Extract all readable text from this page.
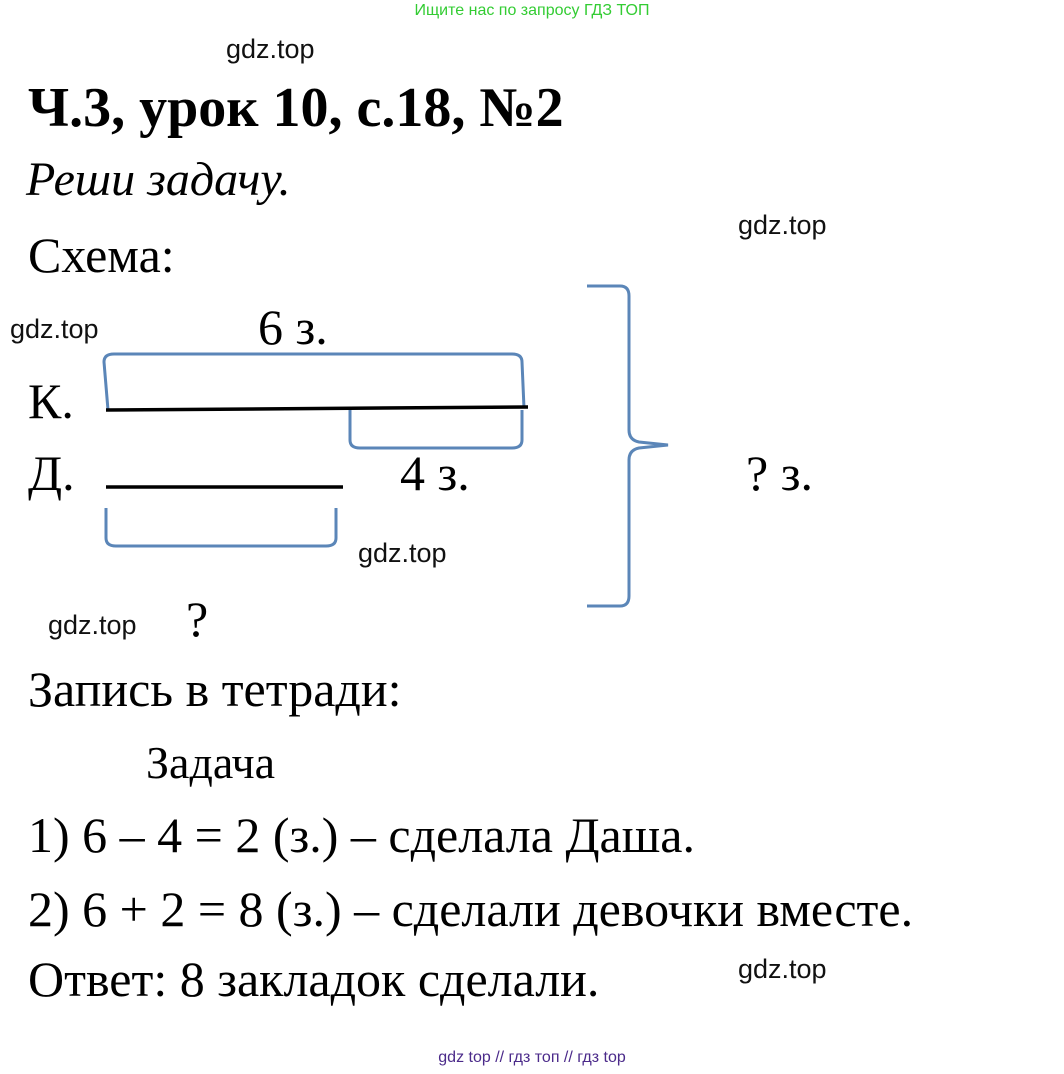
Ищите нас по запросу ГДЗ ТОП
gdz.top
Ч.3, урок 10, с.18, №2
Реши задачу.
Схема:
gdz.top
gdz.top	6 з.
К.
Д.	4 з.	? з.
gdz.top
gdz.top ?
Запись в тетради:
Задача
1) 6 – 4 = 2 (з.) – сделала Даша.
2) 6 + 2 = 8 (з.) – сделали девочки вместе.
Ответ: 8 закладок сделали.	gdz.top
gdz top // гдз топ // гдз top
